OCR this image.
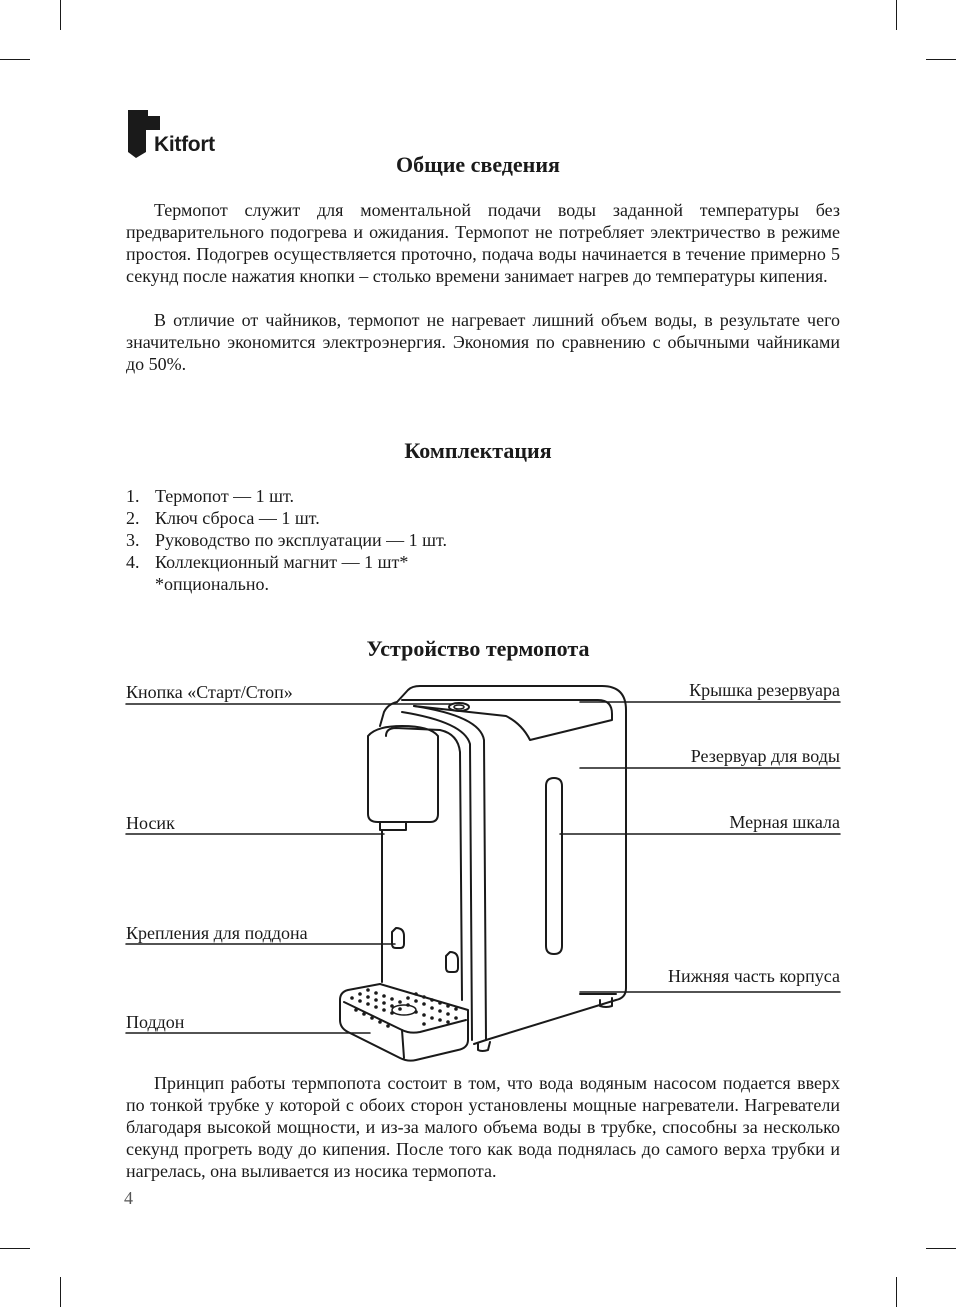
Kitfort
Общие сведения

Термопот служит для моментальной подачи воды заданной температуры без предварительного подогрева и ожидания. Термопот не потребляет электричество в режиме простоя. Подогрев осуществляется проточно, подача воды начинается в течение примерно 5 секунд после нажатия кнопки – столько времени занимает нагрев до температуры кипения.

В отличие от чайников, термопот не нагревает лишний объем воды, в результате чего значительно экономится электроэнергия. Экономия по сравнению с обычными чайниками до 50%.

Комплектация
1. Термопот — 1 шт.
2. Ключ сброса — 1 шт.
3. Руководство по эксплуатации — 1 шт.
4. Коллекционный магнит — 1 шт*
*опционально.
Устройство термопота
Кнопка «Старт/Стоп»
Носик
Крепления для поддона
Поддон
Крышка резервуара
Резервуар для воды
Мерная шкала
Нижняя часть корпуса

Принцип работы термпопота состоит в том, что вода водяным насосом подается вверх по тонкой трубке у которой с обоих сторон установлены мощные нагреватели. Нагреватели благодаря высокой мощности, и из-за малого объема воды в трубке, способны за несколько секунд прогреть воду до кипения. После того как вода поднялась до самого верха трубки и нагрелась, она выливается из носика термопота.

4
